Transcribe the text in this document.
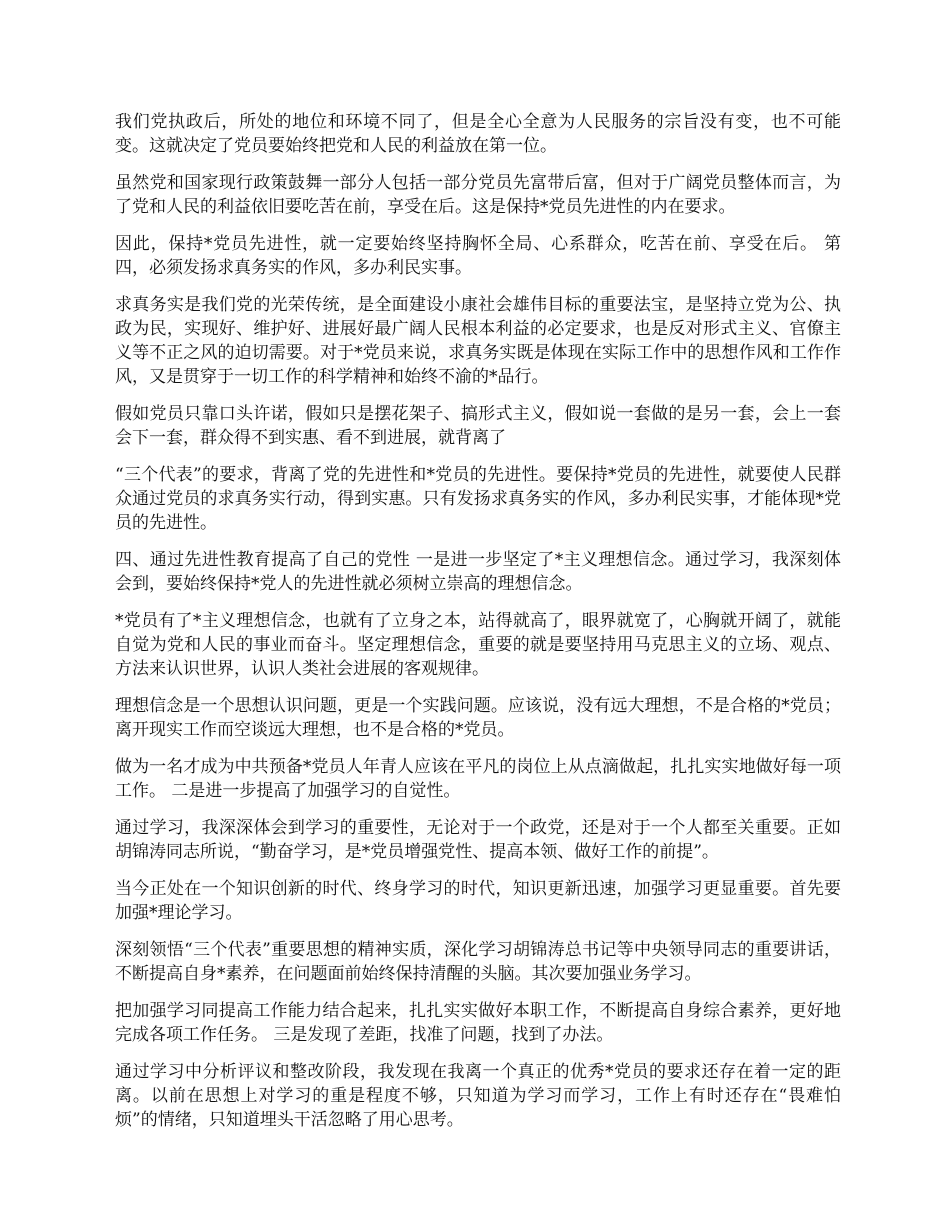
我们党执政后，所处的地位和环境不同了，但是全心全意为人民服务的宗旨没有变，也不可能变。这就决定了党员要始终把党和人民的利益放在第一位。

虽然党和国家现行政策鼓舞一部分人包括一部分党员先富带后富，但对于广阔党员整体而言，为了党和人民的利益依旧要吃苦在前，享受在后。这是保持*党员先进性的内在要求。

因此，保持*党员先进性，就一定要始终坚持胸怀全局、心系群众，吃苦在前、享受在后。 第四，必须发扬求真务实的作风，多办利民实事。

求真务实是我们党的光荣传统，是全面建设小康社会雄伟目标的重要法宝，是坚持立党为公、执政为民，实现好、维护好、进展好最广阔人民根本利益的必定要求，也是反对形式主义、官僚主义等不正之风的迫切需要。对于*党员来说，求真务实既是体现在实际工作中的思想作风和工作作风，又是贯穿于一切工作的科学精神和始终不渝的*品行。

假如党员只靠口头许诺，假如只是摆花架子、搞形式主义，假如说一套做的是另一套，会上一套会下一套，群众得不到实惠、看不到进展，就背离了

“三个代表”的要求，背离了党的先进性和*党员的先进性。要保持*党员的先进性，就要使人民群众通过党员的求真务实行动，得到实惠。只有发扬求真务实的作风，多办利民实事，才能体现*党员的先进性。

四、通过先进性教育提高了自己的党性 一是进一步坚定了*主义理想信念。通过学习，我深刻体会到，要始终保持*党人的先进性就必须树立崇高的理想信念。

*党员有了*主义理想信念，也就有了立身之本，站得就高了，眼界就宽了，心胸就开阔了，就能自觉为党和人民的事业而奋斗。坚定理想信念，重要的就是要坚持用马克思主义的立场、观点、方法来认识世界，认识人类社会进展的客观规律。

理想信念是一个思想认识问题，更是一个实践问题。应该说，没有远大理想，不是合格的*党员；离开现实工作而空谈远大理想，也不是合格的*党员。

做为一名才成为中共预备*党员人年青人应该在平凡的岗位上从点滴做起，扎扎实实地做好每一项工作。 二是进一步提高了加强学习的自觉性。

通过学习，我深深体会到学习的重要性，无论对于一个政党，还是对于一个人都至关重要。正如胡锦涛同志所说，“勤奋学习，是*党员增强党性、提高本领、做好工作的前提”。

当今正处在一个知识创新的时代、终身学习的时代，知识更新迅速，加强学习更显重要。首先要加强*理论学习。

深刻领悟“三个代表”重要思想的精神实质，深化学习胡锦涛总书记等中央领导同志的重要讲话，不断提高自身*素养，在问题面前始终保持清醒的头脑。其次要加强业务学习。

把加强学习同提高工作能力结合起来，扎扎实实做好本职工作，不断提高自身综合素养，更好地完成各项工作任务。 三是发现了差距，找准了问题，找到了办法。

通过学习中分析评议和整改阶段，我发现在我离一个真正的优秀*党员的要求还存在着一定的距离。以前在思想上对学习的重是程度不够，只知道为学习而学习，工作上有时还存在“畏难怕烦”的情绪，只知道埋头干活忽略了用心思考。
